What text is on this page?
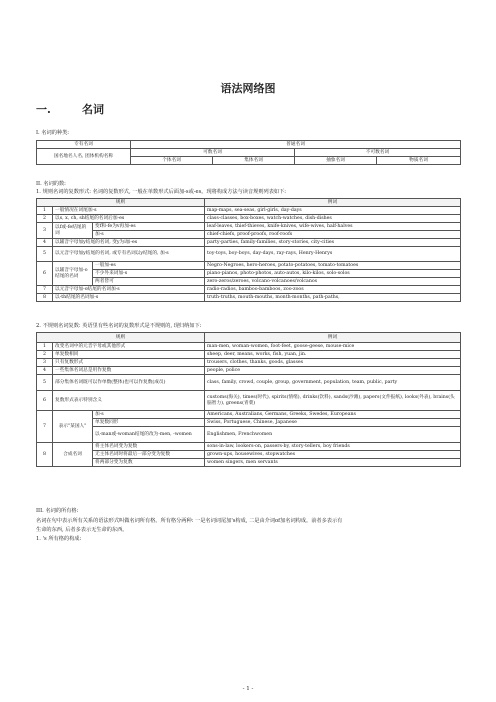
语法网络图
一.	名词
I. 名词的种类:
专有名词	普通名词			
国名地名人名, 团体机构名称	可数名词		不可数名词	
	个体名词	集体名词	抽象名词	物质名词
II. 名词的数:
1. 规则名词的复数形式: 名词的复数形式, 一般在单数形式后面加-s或-es。现将构成方法与读音规则列表如下:
规则			例词
1	一般情况在词尾加-s		map-maps, sea-seas, girl-girls, day-days
2	以s, x, ch, sh结尾的名词后加-es		class-classes, box-boxes, watch-watches, dish-dishes
3	以f或-fe结尾的词	变f和-fe为v再加-es	leaf-leaves, thief-thieves, knife-knives, wife-wives, half-halves
		加-s	chief-chiefs, proof-proofs, roof-roofs
4	以辅音字母加y结尾的名词, 变y为i加-es		party-parties, family-families, story-stories, city-cities
5	以元音字母加y结尾的名词, 或专有名词以y结尾的, 加-s		toy-toys, boy-boys, day-days, ray-rays, Henry-Henrys
6	以辅音字母加-o结尾的名词	一般加-es	Negro-Negroes, hero-heroes, potato-potatoes, tomato-tomatoes
		不少外来词加-s	piano-pianos, photo-photos, auto-autos, kilo-kilos, solo-solos
		两者皆可	zero-zeros/zeroes, volcano-volcanoes/volcanos
7	以元音字母加-o结尾的名词加-s		radio-radios, bamboo-bamboos, zoo-zoos
8	以-th结尾的名词加-s		truth-truths, mouth-mouths, month-months, path-paths,
2. 不规则名词复数: 英语里有些名词的复数形式是不规则的, 现归纳如下:
规则			例词
1	改变名词中的元音字母或其他形式		man-men, woman-women, foot-feet, goose-geese, mouse-mice
2	单复数相同		sheep, deer, means, works, fish, yuan, jin.
3	只有复数形式		trousers, clothes, thanks, goods, glasses
4	一些集体名词总是用作复数		people, police
5	部分集体名词既可以作单数(整体)也可以作复数(成员)		class, family, crowd, couple, group, government, population, team, public, party
6	复数形式表示特别含义		customs(海关), times(时代), spirits(情绪), drinks(饮料), sands(沙滩), papers(文件报纸), looks(外表), brains(头脑智力), greens(青菜)
7	表示"某国人"	加-s	Americans, Australians, Germans, Greeks, Swedes, Europeans
		单复数同形	Swiss, Portuguese, Chinese, Japanese
		以-man或-woman结尾的改为-men, -women	Englishmen, Frenchwomen
8	合成名词	将主体名词变为复数	sons-in-law, lookers-on, passers-by, story-tellers, boy friends
		无主体名词时将最后一部分变为复数	grown-ups, housewives, stopwatches
		将两部分变为复数	women singers, men servants
III. 名词的所有格:
名词在句中表示所有关系的语法形式叫做名词所有格。所有格分两种: 一是名词词尾加's构成, 二是由介词of加名词构成。前者多表示有
生命的东西, 后者多表示无生命的东西。
1. 's 所有格的构成:
- 1 -
